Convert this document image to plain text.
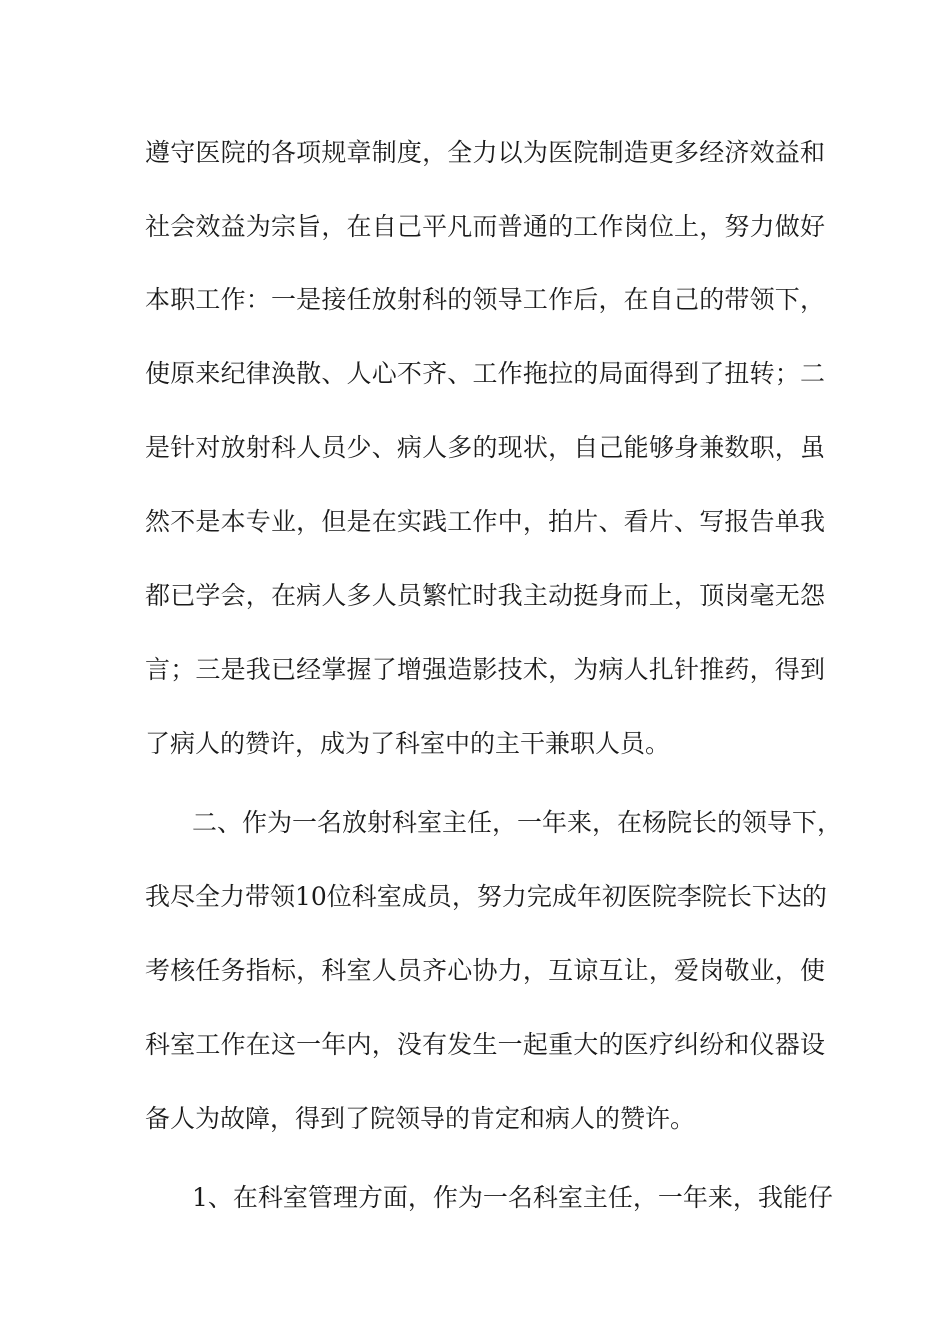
遵守医院的各项规章制度，全力以为医院制造更多经济效益和
社会效益为宗旨，在自己平凡而普通的工作岗位上，努力做好
本职工作：一是接任放射科的领导工作后，在自己的带领下，
使原来纪律涣散、人心不齐、工作拖拉的局面得到了扭转；二
是针对放射科人员少、病人多的现状，自己能够身兼数职，虽
然不是本专业，但是在实践工作中，拍片、看片、写报告单我
都已学会，在病人多人员繁忙时我主动挺身而上，顶岗毫无怨
言；三是我已经掌握了增强造影技术，为病人扎针推药，得到
了病人的赞许，成为了科室中的主干兼职人员。
二、作为一名放射科室主任，一年来，在杨院长的领导下，
我尽全力带领10位科室成员，努力完成年初医院李院长下达的
考核任务指标，科室人员齐心协力，互谅互让，爱岗敬业，使
科室工作在这一年内，没有发生一起重大的医疗纠纷和仪器设
备人为故障，得到了院领导的肯定和病人的赞许。
1、在科室管理方面，作为一名科室主任，一年来，我能仔
